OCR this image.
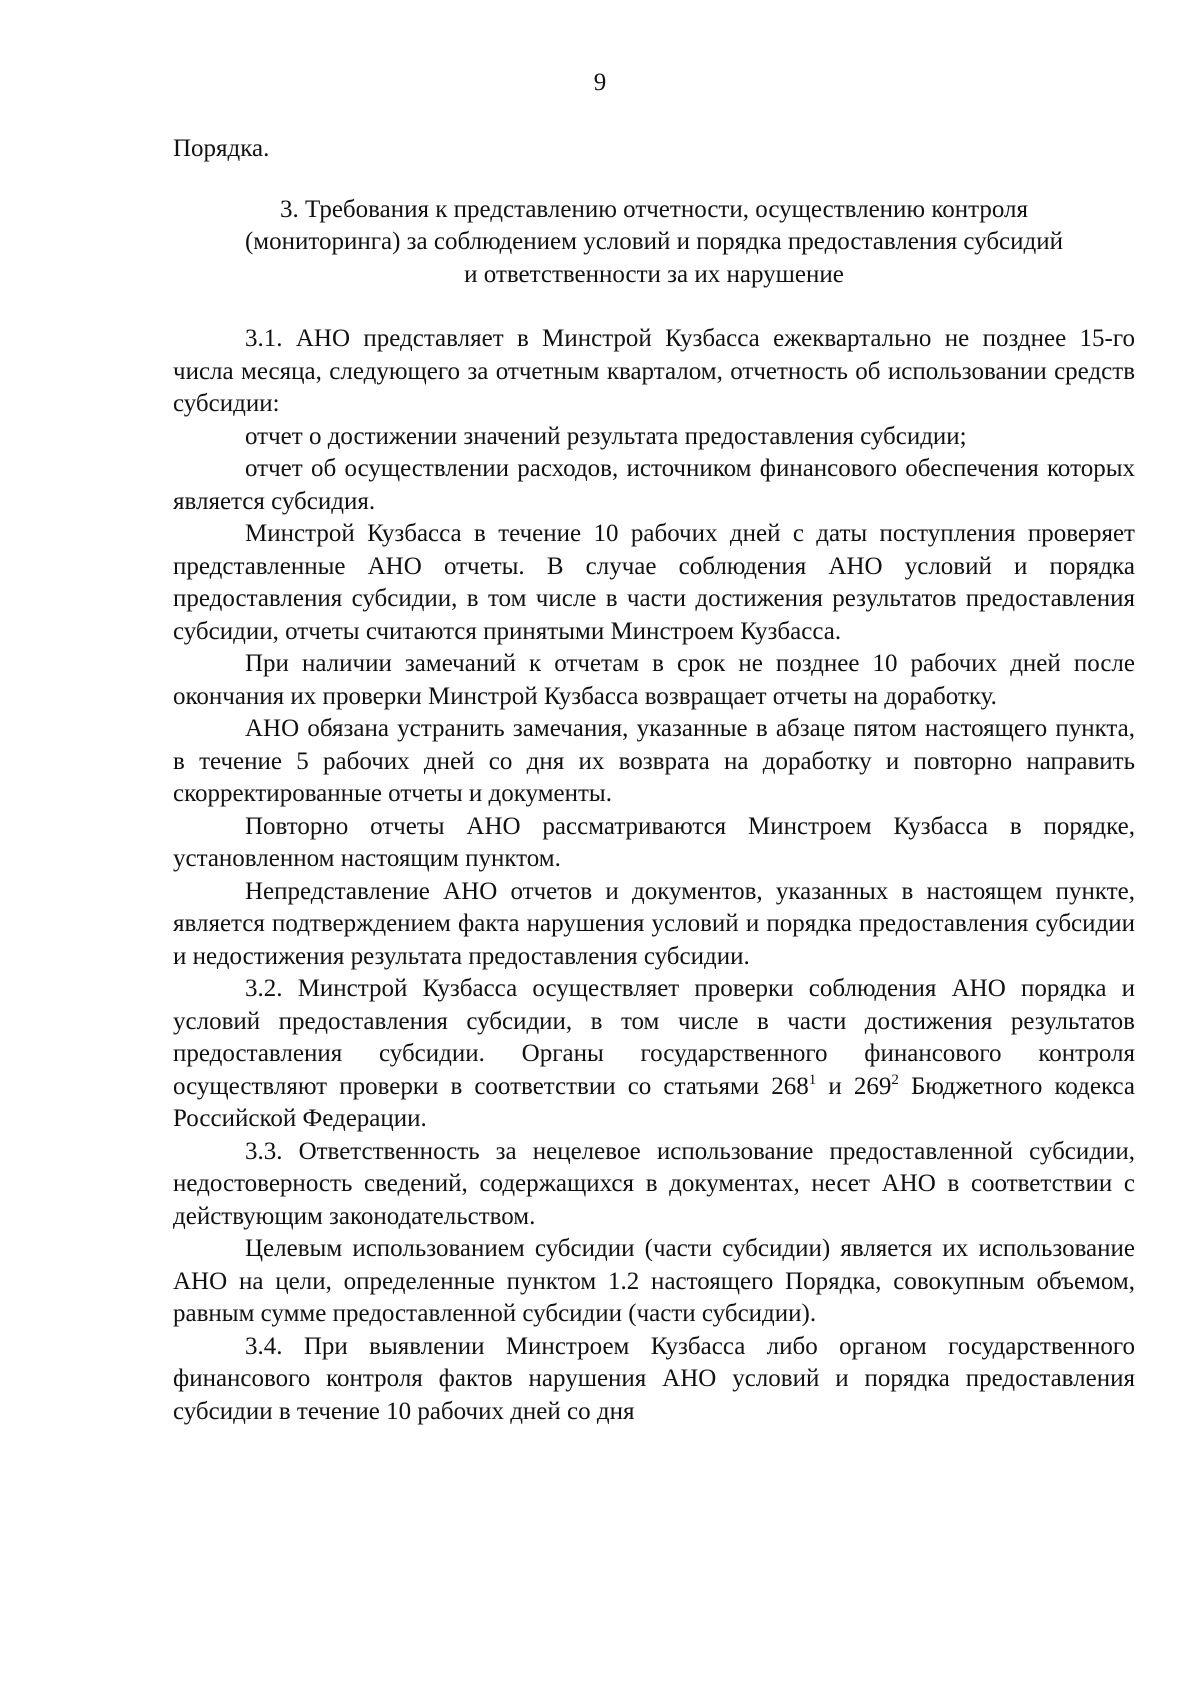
9

Порядка.

3. Требования к представлению отчетности, осуществлению контроля
(мониторинга) за соблюдением условий и порядка предоставления субсидий
и ответственности за их нарушение

3.1. АНО представляет в Минстрой Кузбасса ежеквартально не позднее 15-го числа месяца, следующего за отчетным кварталом, отчетность об использовании средств субсидии:

отчет о достижении значений результата предоставления субсидии;

отчет об осуществлении расходов, источником финансового обеспечения которых является субсидия.

Минстрой Кузбасса в течение 10 рабочих дней с даты поступления проверяет представленные АНО отчеты. В случае соблюдения АНО условий и порядка предоставления субсидии, в том числе в части достижения результатов предоставления субсидии, отчеты считаются принятыми Минстроем Кузбасса.

При наличии замечаний к отчетам в срок не позднее 10 рабочих дней после окончания их проверки Минстрой Кузбасса возвращает отчеты на доработку.

АНО обязана устранить замечания, указанные в абзаце пятом настоящего пункта, в течение 5 рабочих дней со дня их возврата на доработку и повторно направить скорректированные отчеты и документы.

Повторно отчеты АНО рассматриваются Минстроем Кузбасса в порядке, установленном настоящим пунктом.

Непредставление АНО отчетов и документов, указанных в настоящем пункте, является подтверждением факта нарушения условий и порядка предоставления субсидии и недостижения результата предоставления субсидии.

3.2. Минстрой Кузбасса осуществляет проверки соблюдения АНО порядка и условий предоставления субсидии, в том числе в части достижения результатов предоставления субсидии. Органы государственного финансового контроля осуществляют проверки в соответствии со статьями $268^1$ и $269^2$ Бюджетного кодекса Российской Федерации.

3.3. Ответственность за нецелевое использование предоставленной субсидии, недостоверность сведений, содержащихся в документах, несет АНО в соответствии с действующим законодательством.

Целевым использованием субсидии (части субсидии) является их использование АНО на цели, определенные пунктом 1.2 настоящего Порядка, совокупным объемом, равным сумме предоставленной субсидии (части субсидии).

3.4. При выявлении Минстроем Кузбасса либо органом государственного финансового контроля фактов нарушения АНО условий и порядка предоставления субсидии в течение 10 рабочих дней со дня
